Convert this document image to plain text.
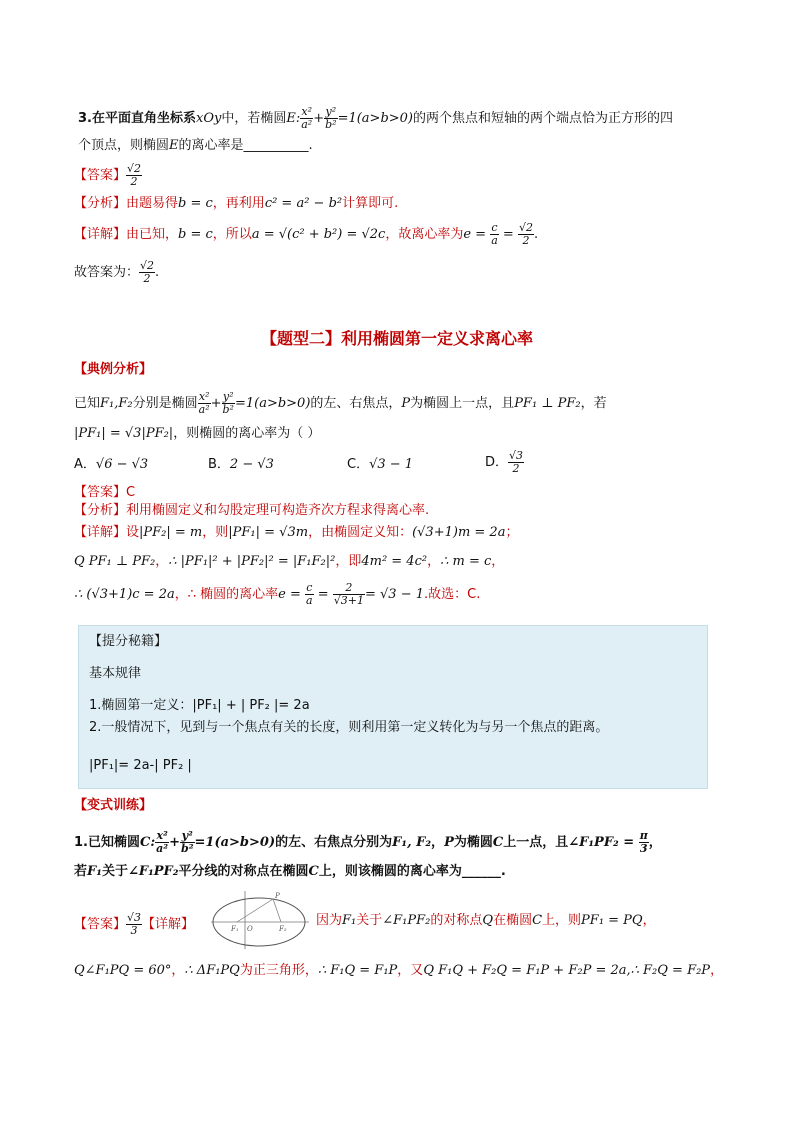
3.在平面直角坐标系xOy中，若椭圆E: $\frac{\text{x²}}{\text{a²}} + \frac{\text{y²}}{\text{b²}} =1(a>b>0)$的两个焦点和短轴的两个端点恰为正方形的四
个顶点，则椭圆E的离心率是__________.
【答案】 $\frac{√2}{2}$
【分析】由题易得b = c，再利用c² = a² − b²计算即可.
【详解】由已知，b = c，所以a = √(c² + b²) = √2c，故离心率为$e = \frac{c}{a} = \frac{√2}{2}$ .
故答案为： $\frac{√2}{2}$ .
【题型二】利用椭圆第一定义求离心率
【典例分析】
已知F₁,F₂分别是椭圆 $\frac{\text{x²}}{\text{a²}} + \frac{\text{y²}}{\text{b²}} =1(a>b>0)$的左、右焦点，P为椭圆上一点，且PF₁ ⊥ PF₂，若
|PF₁| = √3|PF₂|，则椭圆的离心率为（ ）
A．√6 − √3	B．2 − √3	C．√3 − 1	D． $\frac{√3}{2}$
【答案】C
【分析】利用椭圆定义和勾股定理可构造齐次方程求得离心率.
【详解】设|PF₂| = m，则|PF₁| = √3m，由椭圆定义知：(√3+1)m = 2a；
Q PF₁ ⊥ PF₂，∴ |PF₁|² + |PF₂|² = |F₁F₂|²，即4m² = 4c²，∴ m = c，
∴ (√3+1)c = 2a，∴ 椭圆的离心率$e = \frac{c}{a} = \frac{2}{√3+1} = √3 - 1$.故选：C.
【提分秘籍】
基本规律
1.椭圆第一定义：|PF₁| + | PF₂ |= 2a
2.一般情况下，见到与一个焦点有关的长度，则利用第一定义转化为与另一个焦点的距离。
|PF₁|= 2a-| PF₂ |
【变式训练】
1.已知椭圆C: $\frac{\text{x²}}{\text{a²}} + \frac{\text{y²}}{\text{b²}} =1(a>b>0)$的左、右焦点分别为F₁, F₂，P为椭圆C上一点，且∠F₁PF₂ = $\frac{\pi}{3}$ ，
若F₁关于∠F₁PF₂平分线的对称点在椭圆C上，则该椭圆的离心率为______.
【答案】 $\frac{√3}{3}$ 【详解】
P
F₁ O	F₂
因为F₁关于∠F₁PF₂的对称点Q在椭圆C上，则PF₁ = PQ，
Q∠F₁PQ = 60°，∴ ΔF₁PQ为正三角形，∴ F₁Q = F₁P，又Q F₁Q + F₂Q = F₁P + F₂P = 2a,∴ F₂Q = F₂P，
